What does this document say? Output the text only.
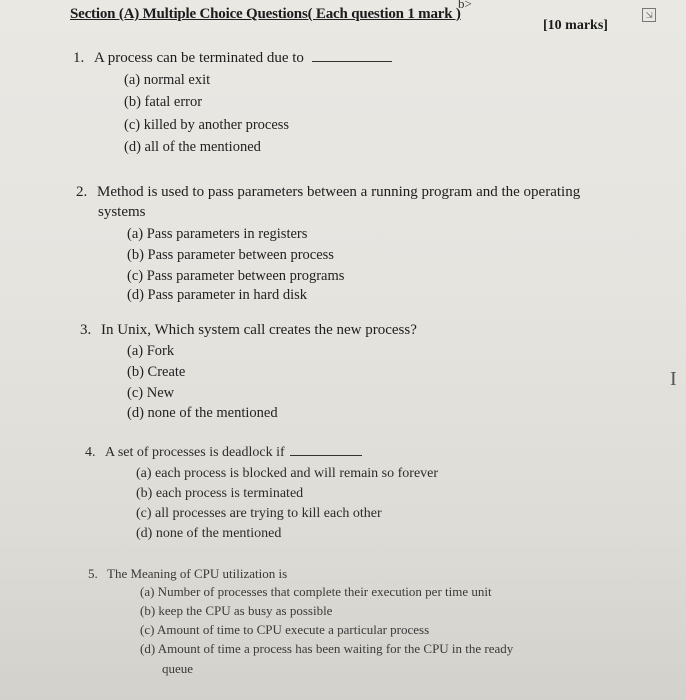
b>
Section (A) Multiple Choice Questions( Each question 1 mark )
[10 marks]
⇲
1. A process can be terminated due to
(a) normal exit
(b) fatal error
(c) killed by another process
(d) all of the mentioned
2. Method is used to pass parameters between a running program and the operating
systems
(a) Pass parameters in registers
(b) Pass parameter between process
(c) Pass parameter between programs
(d) Pass parameter in hard disk
3. In Unix, Which system call creates the new process?
(a) Fork
(b) Create
(c) New
(d) none of the mentioned
I
4. A set of processes is deadlock if
(a) each process is blocked and will remain so forever
(b) each process is terminated
(c) all processes are trying to kill each other
(d) none of the mentioned
5. The Meaning of CPU utilization is
(a) Number of processes that complete their execution per time unit
(b) keep the CPU as busy as possible
(c) Amount of time to CPU execute a particular process
(d) Amount of time a process has been waiting for the CPU in the ready
queue
